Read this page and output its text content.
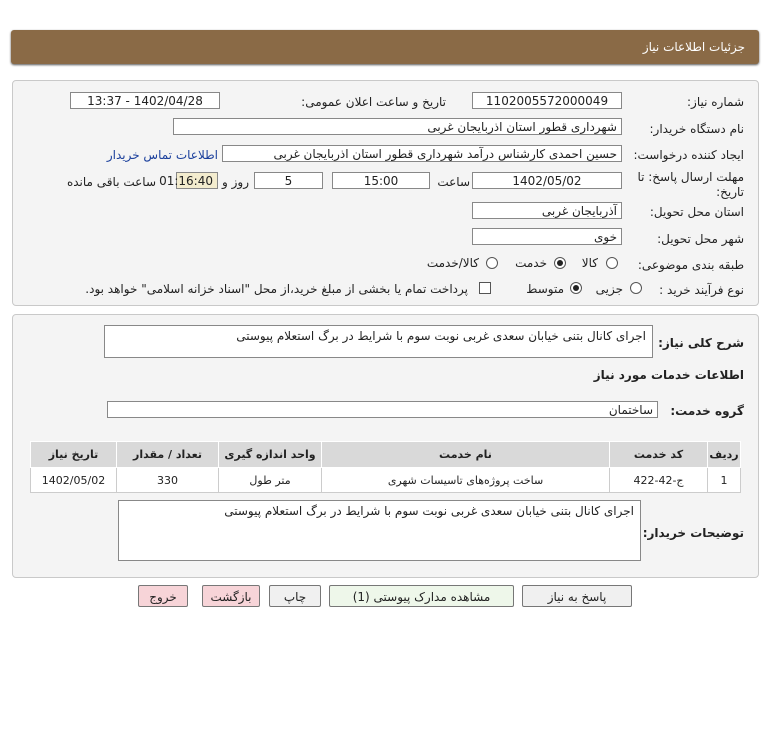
جزئیات اطلاعات نیاز
شماره نیاز:
1102005572000049
تاریخ و ساعت اعلان عمومی:
1402/04/28 - 13:37
نام دستگاه خریدار:
شهرداری قطور استان اذربایجان غربی
ایجاد کننده درخواست:
حسین احمدی کارشناس درآمد شهرداری قطور استان اذربایجان غربی
اطلاعات تماس خریدار
مهلت ارسال پاسخ: تا
تاریخ:
1402/05/02
ساعت
15:00
5
روز و
01:16:40
ساعت باقی مانده
استان محل تحویل:
آذربایجان غربی
شهر محل تحویل:
خوی
طبقه بندی موضوعی:
کالا
خدمت
کالا/خدمت
نوع فرآیند خرید :
جزیی
متوسط
پرداخت تمام یا بخشی از مبلغ خرید،از محل "اسناد خزانه اسلامی" خواهد بود.
شرح کلی نیاز:
اجرای کانال بتنی خیابان سعدی غربی نوبت سوم با شرایط در برگ استعلام پیوستی
اطلاعات خدمات مورد نیاز
گروه خدمت:
ساختمان
ردیف	کد خدمت	نام خدمت	واحد اندازه گیری	تعداد / مقدار	تاریخ نیاز
1	ج-42-422	ساخت پروژه‌های تاسیسات شهری	متر طول	330	1402/05/02
توضیحات خریدار:
اجرای کانال بتنی خیابان سعدی غربی نوبت سوم با شرایط در برگ استعلام پیوستی
پاسخ به نیاز
مشاهده مدارک پیوستی (1)
چاپ
بازگشت
خروج
